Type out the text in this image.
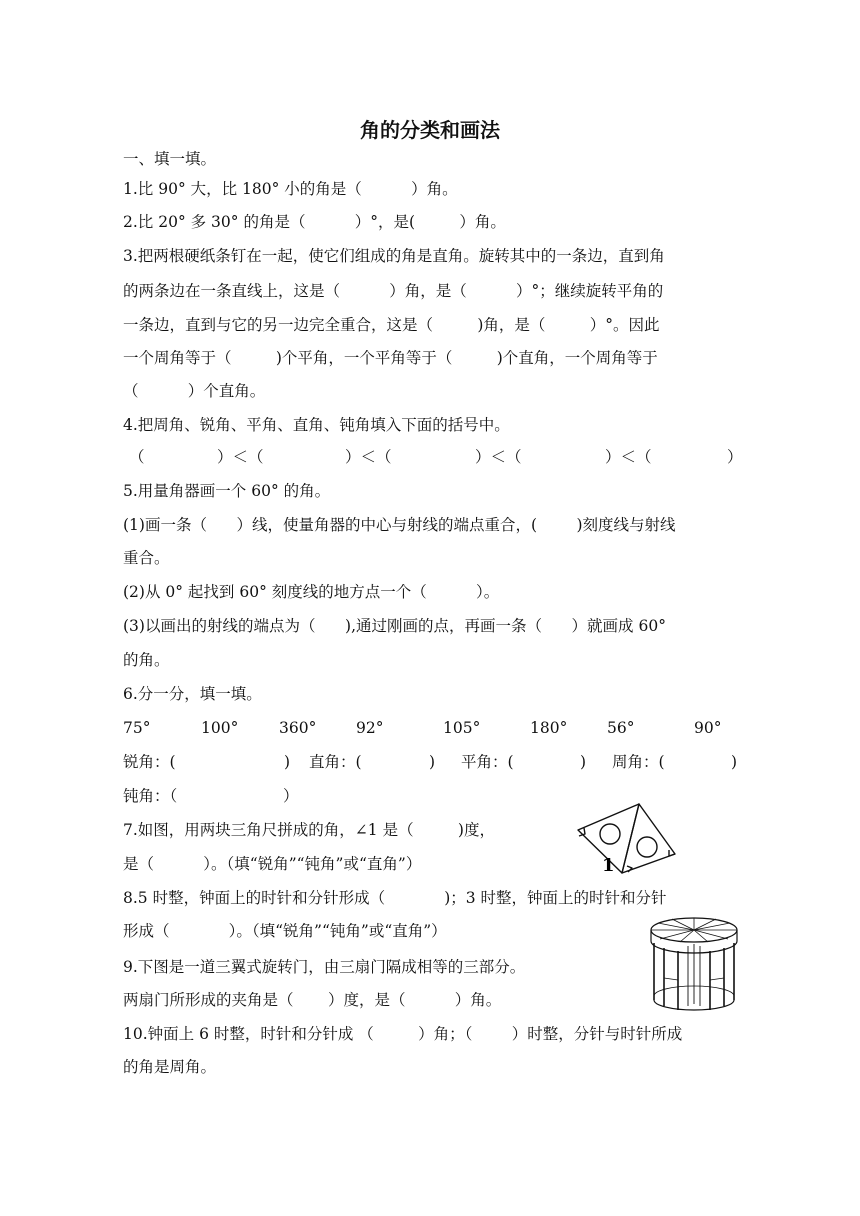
角的分类和画法
一、填一填。
1.比 90° 大，比 180° 小的角是（          ）角。
2.比 20° 多 30° 的角是（          ）°，是(         ）角。
3.把两根硬纸条钉在一起，使它们组成的角是直角。旋转其中的一条边，直到角
的两条边在一条直线上，这是（          ）角，是（          ）°；继续旋转平角的
一条边，直到与它的另一边完全重合，这是（         )角，是（         ）°。因此
一个周角等于（         )个平角，一个平角等于（         )个直角，一个周角等于
（          ）个直角。
4.把周角、锐角、平角、直角、钝角填入下面的括号中。
（	）＜（	）＜（	）＜（	）＜（	）
5.用量角器画一个 60° 的角。
(1)画一条（      ）线，使量角器的中心与射线的端点重合，(        )刻度线与射线
重合。
(2)从 0° 起找到 60° 刻度线的地方点一个（          ）。
(3)以画出的射线的端点为（      ),通过刚画的点，再画一条（      ）就画成 60°
的角。
6.分一分，填一填。
75°	100°	360°	92°	105°	180°	56°	90°
锐角：(	) 直角：(	) 平角：(	) 周角：(	)
钝角：（	）
7.如图，用两块三角尺拼成的角，∠1 是（         )度，
是（          ）。（填“锐角”“钝角”或“直角”）
8.5 时整，钟面上的时针和分针形成（            )；3 时整，钟面上的时针和分针
形成（            ）。（填“锐角”“钝角”或“直角”）
9.下图是一道三翼式旋转门，由三扇门隔成相等的三部分。
两扇门所形成的夹角是（       ）度，是（          ）角。
10.钟面上 6 时整，时针和分针成 （         ）角；（        ）时整，分针与时针所成
的角是周角。
1
